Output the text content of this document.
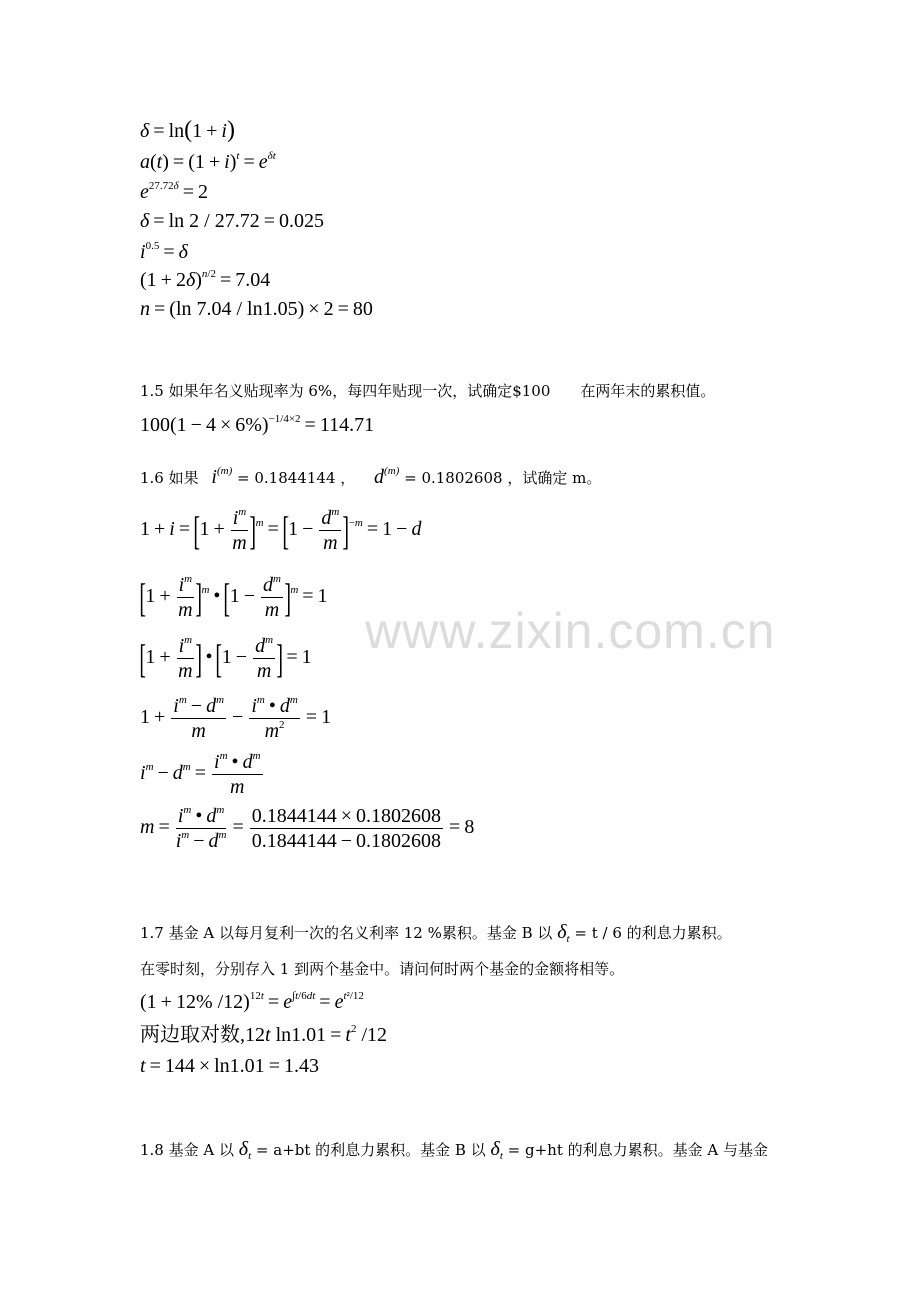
www.zixin.com.cn
δ = ln(1 + i)
$a(t) = (1 + i)^t = e^{\delta t}$
$e^{27.72\delta} = 2$
δ = ln 2 / 27.72 = 0.025
$i^{0.5} = \delta$
$(1 + 2\delta)^{n/2} = 7.04$
n = (ln 7.04 / ln1.05) × 2 = 80
1.5 如果年名义贴现率为 6%，每四年贴现一次，试确定$100　　在两年末的累积值。
$100(1 - 4 \times 6\%)^{-1/4\times 2} = 114.71$
1.6 如果 $i^{(m)} = 0.1844144$ ， $d^{(m)} = 0.1802608$ ，试确定 m。
$1 + i =[1 + \frac{i^m}{m} ]^m =[1 - \frac{d^m}{m} ]^{-m} = 1 - d$
$[1 + \frac{i^m}{m} ]^m$ •[1 − $\frac{d^m}{m} ]^m = 1$
[$1 + \frac{i^m}{m}$ ] •[1 − $\frac{d^m}{m}$ ] = 1
$1 + \frac{i^m - d^m}{m} - \frac{i^m • d^m}{m^2} = 1$
$i^m - d^m = \frac{i^m • d^m}{m}$
$m = \frac{i^m • d^m}{i^m - d^m} = \frac{0.1844144 \times 0.1802608}{0.1844144 - 0.1802608} = 8$
1.7 基金 A 以每月复利一次的名义利率 12 %累积。基金 B 以 $\delta_t = t / 6$ 的利息力累积。
在零时刻，分别存入 1 到两个基金中。请问何时两个基金的金额将相等。
(1 + 12% $/12)^{12t} = e^{\int t/6dt} = e^{t^2/12}$
两边取对数,12t $\ln 1.01 = t^2$ /12
t = 144 × ln1.01 = 1.43
1.8 基金 A 以 $\delta_t = a+bt$ 的利息力累积。基金 B 以 $\delta_t = g+ht$ 的利息力累积。基金 A 与基金
